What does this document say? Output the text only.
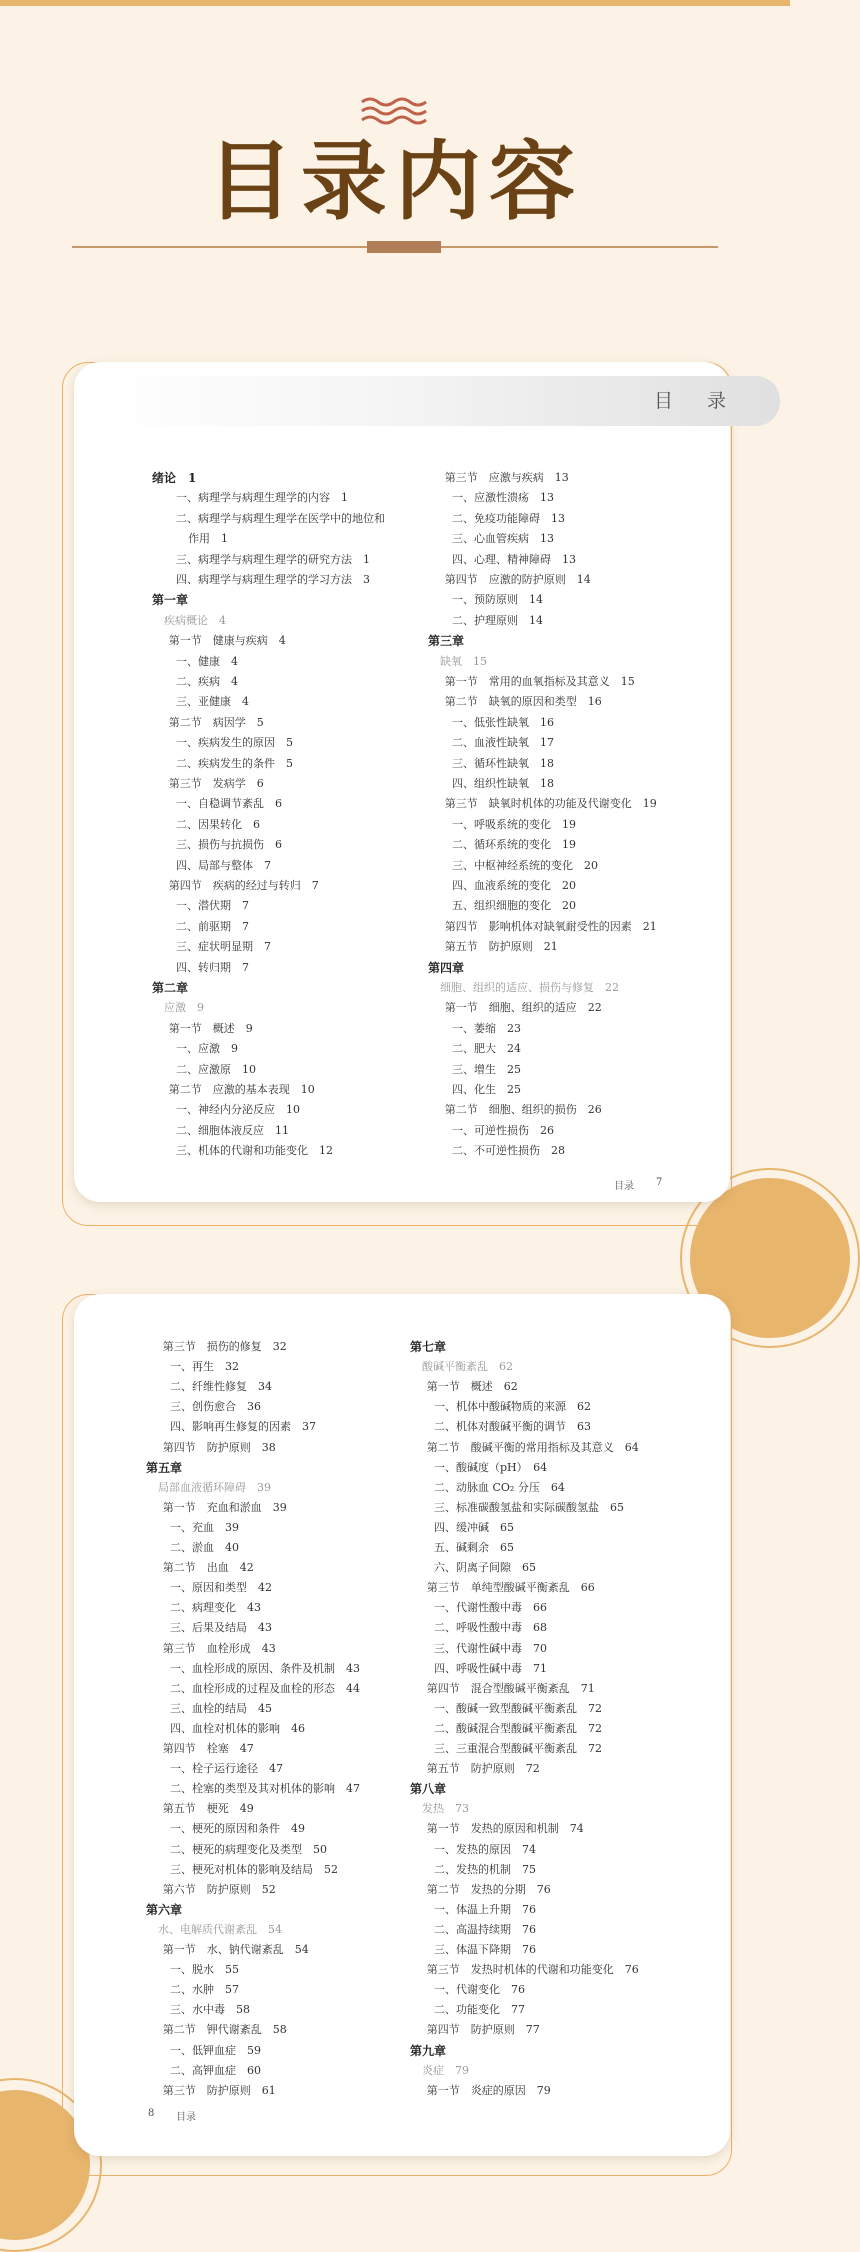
目录内容
目 录
绪论　1
一、病理学与病理生理学的内容　1
二、病理学与病理生理学在医学中的地位和
作用　1
三、病理学与病理生理学的研究方法　1
四、病理学与病理生理学的学习方法　3
第一章
疾病概论　4
第一节　健康与疾病　4
一、健康　4
二、疾病　4
三、亚健康　4
第二节　病因学　5
一、疾病发生的原因　5
二、疾病发生的条件　5
第三节　发病学　6
一、自稳调节紊乱　6
二、因果转化　6
三、损伤与抗损伤　6
四、局部与整体　7
第四节　疾病的经过与转归　7
一、潜伏期　7
二、前驱期　7
三、症状明显期　7
四、转归期　7
第二章
应激　9
第一节　概述　9
一、应激　9
二、应激原　10
第二节　应激的基本表现　10
一、神经内分泌反应　10
二、细胞体液反应　11
三、机体的代谢和功能变化　12
第三节　应激与疾病　13
一、应激性溃疡　13
二、免疫功能障碍　13
三、心血管疾病　13
四、心理、精神障碍　13
第四节　应激的防护原则　14
一、预防原则　14
二、护理原则　14
第三章
缺氧　15
第一节　常用的血氧指标及其意义　15
第二节　缺氧的原因和类型　16
一、低张性缺氧　16
二、血液性缺氧　17
三、循环性缺氧　18
四、组织性缺氧　18
第三节　缺氧时机体的功能及代谢变化　19
一、呼吸系统的变化　19
二、循环系统的变化　19
三、中枢神经系统的变化　20
四、血液系统的变化　20
五、组织细胞的变化　20
第四节　影响机体对缺氧耐受性的因素　21
第五节　防护原则　21
第四章
细胞、组织的适应、损伤与修复　22
第一节　细胞、组织的适应　22
一、萎缩　23
二、肥大　24
三、增生　25
四、化生　25
第二节　细胞、组织的损伤　26
一、可逆性损伤　26
二、不可逆性损伤　28
目录 7
第三节　损伤的修复　32
一、再生　32
二、纤维性修复　34
三、创伤愈合　36
四、影响再生修复的因素　37
第四节　防护原则　38
第五章
局部血液循环障碍　39
第一节　充血和淤血　39
一、充血　39
二、淤血　40
第二节　出血　42
一、原因和类型　42
二、病理变化　43
三、后果及结局　43
第三节　血栓形成　43
一、血栓形成的原因、条件及机制　43
二、血栓形成的过程及血栓的形态　44
三、血栓的结局　45
四、血栓对机体的影响　46
第四节　栓塞　47
一、栓子运行途径　47
二、栓塞的类型及其对机体的影响　47
第五节　梗死　49
一、梗死的原因和条件　49
二、梗死的病理变化及类型　50
三、梗死对机体的影响及结局　52
第六节　防护原则　52
第六章
水、电解质代谢紊乱　54
第一节　水、钠代谢紊乱　54
一、脱水　55
二、水肿　57
三、水中毒　58
第二节　钾代谢紊乱　58
一、低钾血症　59
二、高钾血症　60
第三节　防护原则　61
第七章
酸碱平衡紊乱　62
第一节　概述　62
一、机体中酸碱物质的来源　62
二、机体对酸碱平衡的调节　63
第二节　酸碱平衡的常用指标及其意义　64
一、酸碱度（pH）　64
二、动脉血 CO₂ 分压　64
三、标准碳酸氢盐和实际碳酸氢盐　65
四、缓冲碱　65
五、碱剩余　65
六、阴离子间隙　65
第三节　单纯型酸碱平衡紊乱　66
一、代谢性酸中毒　66
二、呼吸性酸中毒　68
三、代谢性碱中毒　70
四、呼吸性碱中毒　71
第四节　混合型酸碱平衡紊乱　71
一、酸碱一致型酸碱平衡紊乱　72
二、酸碱混合型酸碱平衡紊乱　72
三、三重混合型酸碱平衡紊乱　72
第五节　防护原则　72
第八章
发热　73
第一节　发热的原因和机制　74
一、发热的原因　74
二、发热的机制　75
第二节　发热的分期　76
一、体温上升期　76
二、高温持续期　76
三、体温下降期　76
第三节　发热时机体的代谢和功能变化　76
一、代谢变化　76
二、功能变化　77
第四节　防护原则　77
第九章
炎症　79
第一节　炎症的原因　79
8 目录
